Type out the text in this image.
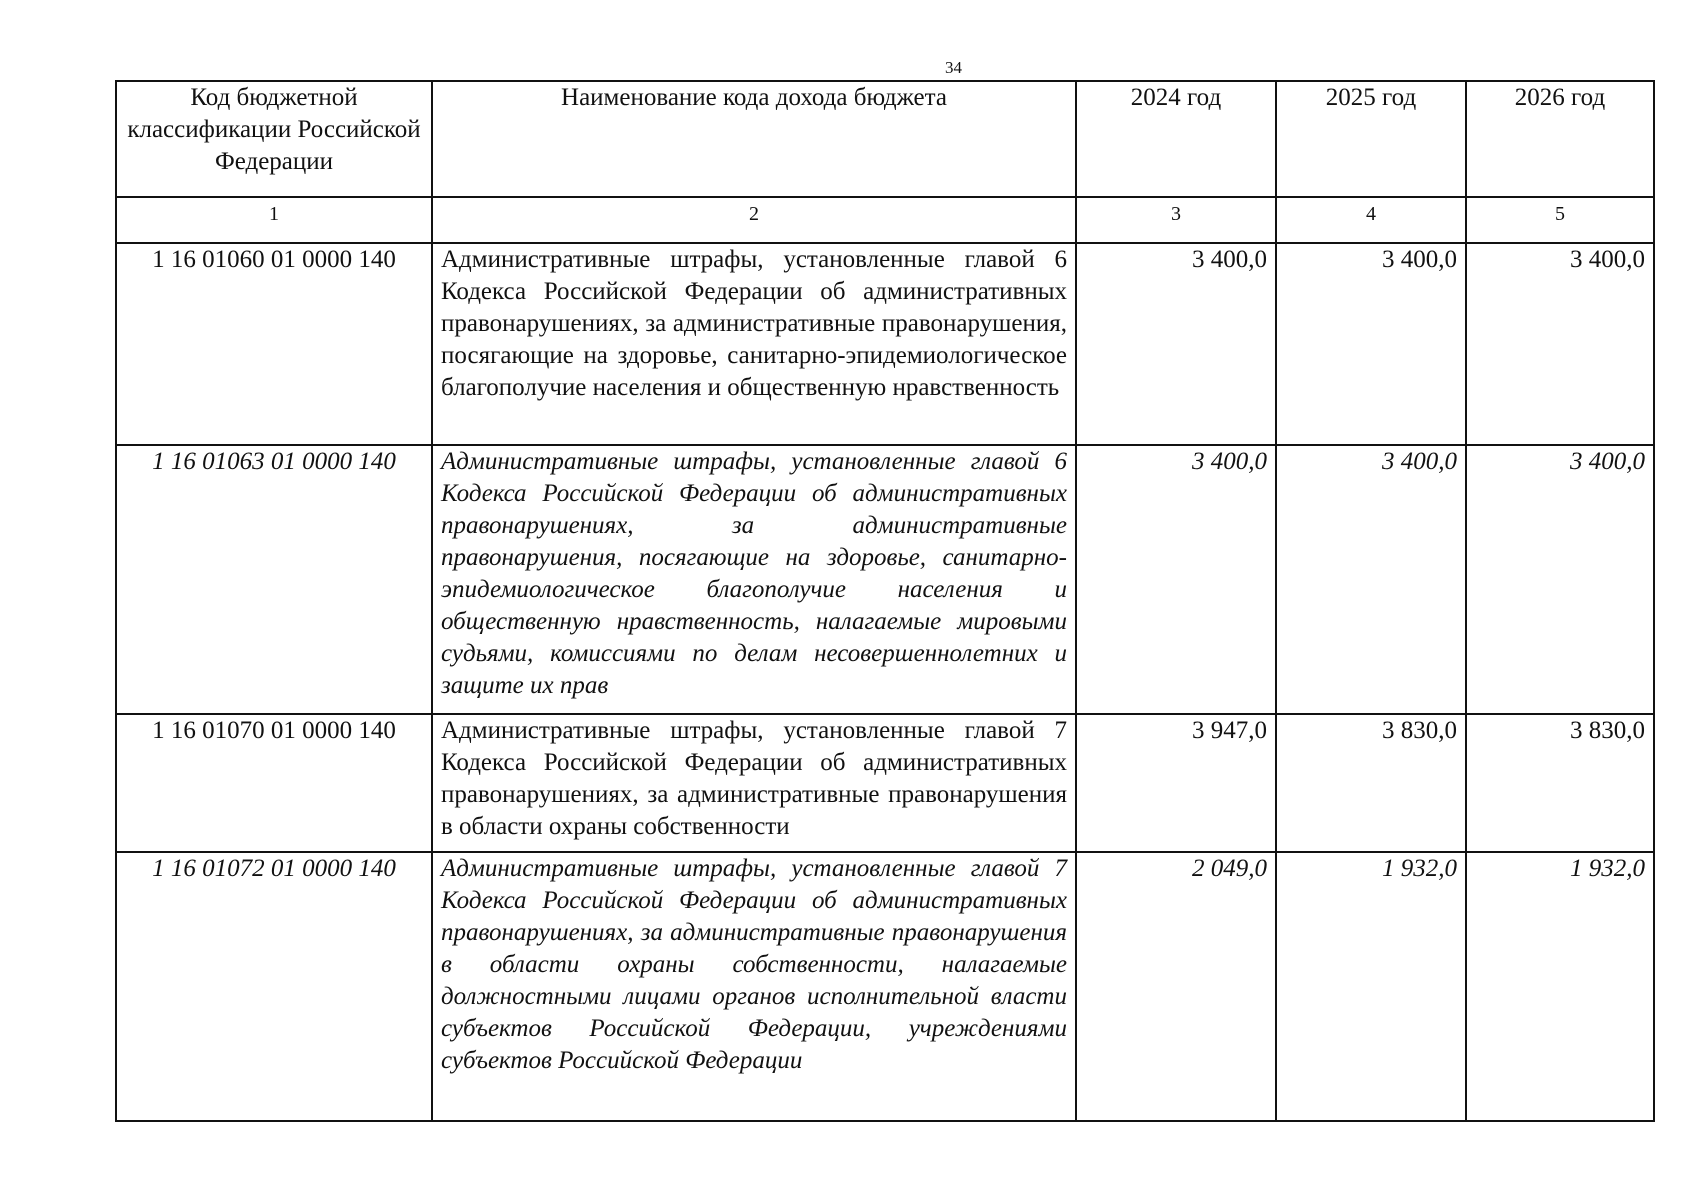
34
Код бюджетной классификации Российской Федерации	Наименование кода дохода бюджета	2024 год	2025 год	2026 год
1	2	3	4	5
1 16 01060 01 0000 140	Административные штрафы, установленные главой 6 Кодекса Российской Федерации об административных правонарушениях, за административные правонарушения, посягающие на здоровье, санитарно-эпидемиологическое благополучие населения и общественную нравственность	3 400,0	3 400,0	3 400,0
1 16 01063 01 0000 140	Административные штрафы, установленные главой 6 Кодекса Российской Федерации об административных правонарушениях, за административные правонарушения, посягающие на здоровье, санитарно-эпидемиологическое благополучие населения и общественную нравственность, налагаемые мировыми судьями, комиссиями по делам несовершеннолетних и защите их прав	3 400,0	3 400,0	3 400,0
1 16 01070 01 0000 140	Административные штрафы, установленные главой 7 Кодекса Российской Федерации об административных правонарушениях, за административные правонарушения в области охраны собственности	3 947,0	3 830,0	3 830,0
1 16 01072 01 0000 140	Административные штрафы, установленные главой 7 Кодекса Российской Федерации об административных правонарушениях, за административные правонарушения в области охраны собственности, налагаемые должностными лицами органов исполнительной власти субъектов Российской Федерации, учреждениями субъектов Российской Федерации	2 049,0	1 932,0	1 932,0
